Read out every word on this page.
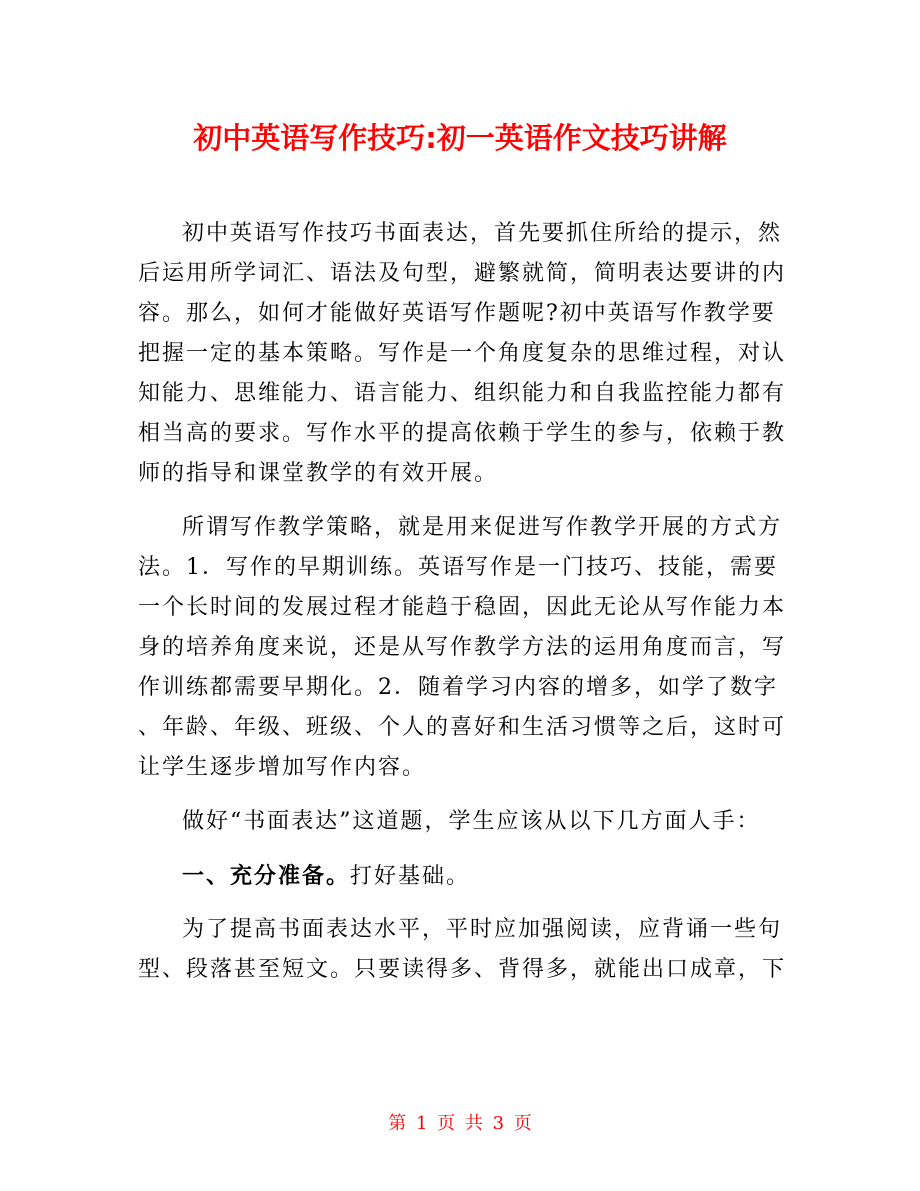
初中英语写作技巧:初一英语作文技巧讲解
初中英语写作技巧书面表达，首先要抓住所给的提示，然
后运用所学词汇、语法及句型，避繁就简，简明表达要讲的内
容。那么，如何才能做好英语写作题呢?初中英语写作教学要
把握一定的基本策略。写作是一个角度复杂的思维过程，对认
知能力、思维能力、语言能力、组织能力和自我监控能力都有
相当高的要求。写作水平的提高依赖于学生的参与，依赖于教
师的指导和课堂教学的有效开展。
所谓写作教学策略，就是用来促进写作教学开展的方式方
法。1．写作的早期训练。英语写作是一门技巧、技能，需要
一个长时间的发展过程才能趋于稳固，因此无论从写作能力本
身的培养角度来说，还是从写作教学方法的运用角度而言，写
作训练都需要早期化。2．随着学习内容的增多，如学了数字
、年龄、年级、班级、个人的喜好和生活习惯等之后，这时可
让学生逐步增加写作内容。
做好“书面表达”这道题，学生应该从以下几方面人手：
一、充分准备。打好基础。
为了提高书面表达水平，平时应加强阅读，应背诵一些句
型、段落甚至短文。只要读得多、背得多，就能出口成章，下
第 1 页 共 3 页
